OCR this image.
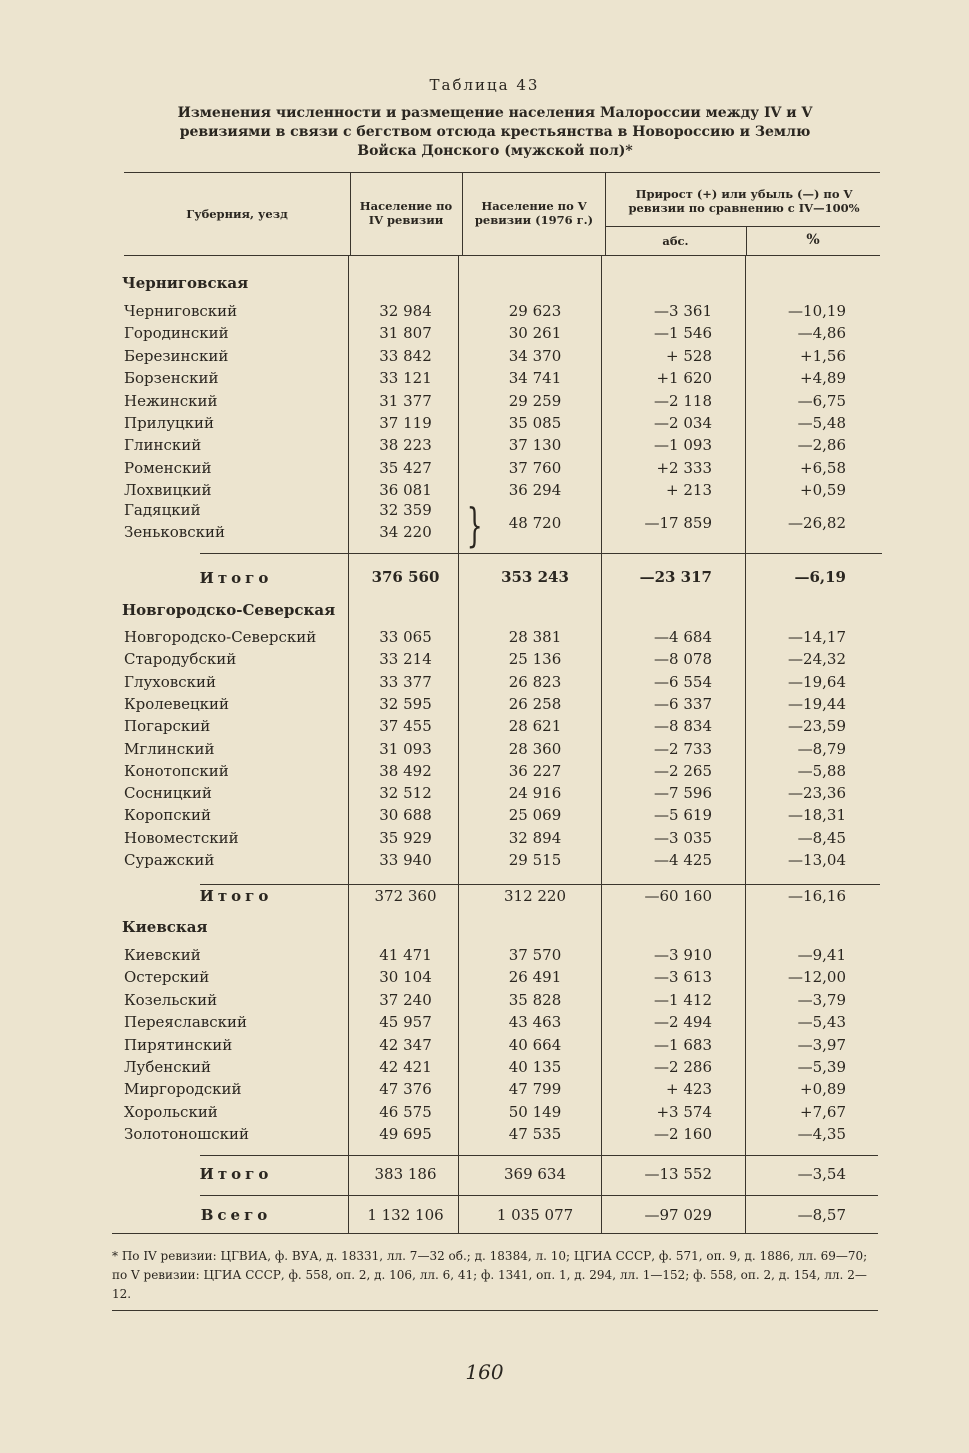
Таблица 43
Изменения численности и размещение населения Малороссии между IV и V ревизиями в связи с бегством отсюда крестьянства в Новороссию и Землю Войска Донского (мужской пол)*
Губерния, уезд
Население по IV ревизии
Население по V ревизии (1976 г.)
Прирост (+) или убыль (—) по V ревизии по сравнению с IV—100%
абс.	%
Черниговская
Черниговский	32 984	29 623	—3 361	—10,19
Городинский	31 807	30 261	—1 546	—4,86
Березинский	33 842	34 370	+ 528	+1,56
Борзенский	33 121	34 741	+1 620	+4,89
Нежинский	31 377	29 259	—2 118	—6,75
Прилуцкий	37 119	35 085	—2 034	—5,48
Глинский	38 223	37 130	—1 093	—2,86
Роменский	35 427	37 760	+2 333	+6,58
Лохвицкий	36 081	36 294	+ 213	+0,59
Гадяцкий	32 359
Зеньковский	34 220 }	48 720	—17 859	—26,82
Итого	376 560	353 243	—23 317	—6,19
Новгородско-Северская
Новгородско-Северский	33 065	28 381	—4 684	—14,17
Стародубский	33 214	25 136	—8 078	—24,32
Глуховский	33 377	26 823	—6 554	—19,64
Кролевецкий	32 595	26 258	—6 337	—19,44
Погарский	37 455	28 621	—8 834	—23,59
Мглинский	31 093	28 360	—2 733	—8,79
Конотопский	38 492	36 227	—2 265	—5,88
Сосницкий	32 512	24 916	—7 596	—23,36
Коропский	30 688	25 069	—5 619	—18,31
Новоместский	35 929	32 894	—3 035	—8,45
Суражский	33 940	29 515	—4 425	—13,04
Итого	372 360	312 220	—60 160	—16,16
Киевская
Киевский	41 471	37 570	—3 910	—9,41
Остерский	30 104	26 491	—3 613	—12,00
Козельский	37 240	35 828	—1 412	—3,79
Переяславский	45 957	43 463	—2 494	—5,43
Пирятинский	42 347	40 664	—1 683	—3,97
Лубенский	42 421	40 135	—2 286	—5,39
Миргородский	47 376	47 799	+ 423	+0,89
Хорольский	46 575	50 149	+3 574	+7,67
Золотоношский	49 695	47 535	—2 160	—4,35
Итого	383 186	369 634	—13 552	—3,54
Всего	1 132 106	1 035 077	—97 029	—8,57
* По IV ревизии: ЦГВИА, ф. ВУА, д. 18331, лл. 7—32 об.; д. 18384, л. 10; ЦГИА СССР, ф. 571, оп. 9, д. 1886, лл. 69—70; по V ревизии: ЦГИА СССР, ф. 558, оп. 2, д. 106, лл. 6, 41; ф. 1341, оп. 1, д. 294, лл. 1—152; ф. 558, оп. 2, д. 154, лл. 2—12.
160
